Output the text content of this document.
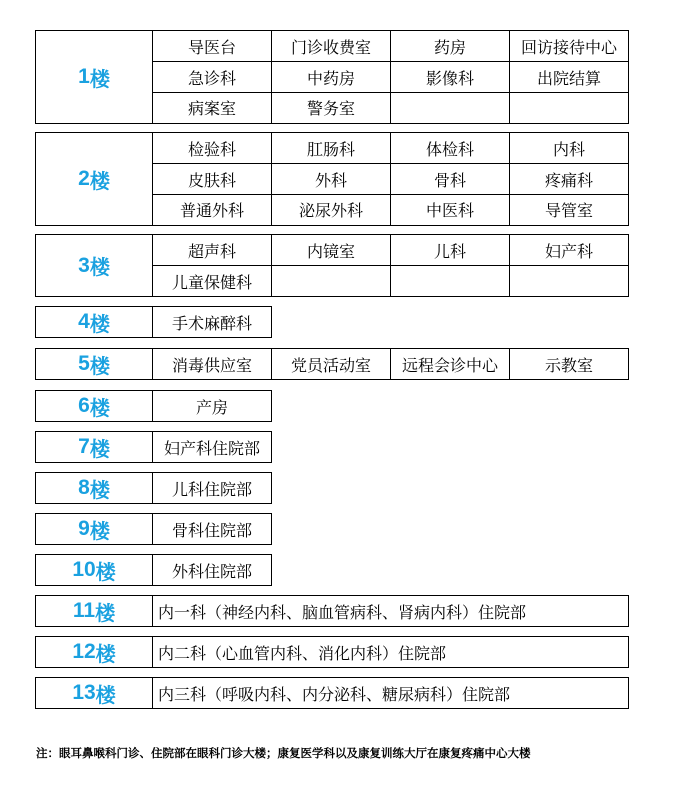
1 楼
导医台	门诊收费室	药房	回访接待中心
急诊科	中药房	影像科	出院结算
病案室	警务室
2 楼
检验科	肛肠科	体检科	内科
皮肤科	外科	骨科	疼痛科
普通外科	泌尿外科	中医科	导管室
3 楼
超声科	内镜室	儿科	妇产科
儿童保健科
4 楼	手术麻醉科
5 楼	消毒供应室	党员活动室	远程会诊中心	示教室
6 楼	产房
7 楼	妇产科住院部
8 楼	儿科住院部
9 楼	骨科住院部
10 楼	外科住院部
11 楼	内一科（神经内科、脑血管病科、肾病内科）住院部
12 楼	内二科（心血管内科、消化内科）住院部
13 楼	内三科（呼吸内科、内分泌科、糖尿病科）住院部
注：眼耳鼻喉科门诊、住院部在眼科门诊大楼；康复医学科以及康复训练大厅在康复疼痛中心大楼
